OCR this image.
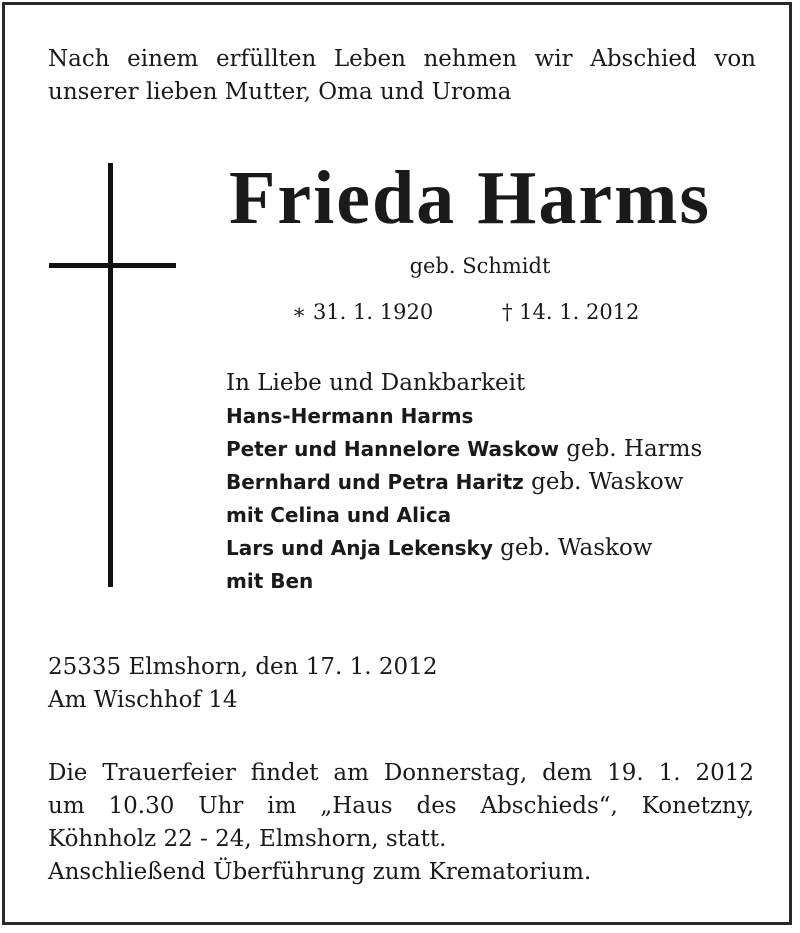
Nach einem erfüllten Leben nehmen wir Abschied von unserer lieben Mutter, Oma und Uroma
Frieda Harms
geb. Schmidt
∗ 31. 1. 1920	† 14. 1. 2012
In Liebe und Dankbarkeit
Hans-Hermann Harms
Peter und Hannelore Waskow geb. Harms
Bernhard und Petra Haritz geb. Waskow
mit Celina und Alica
Lars und Anja Lekensky geb. Waskow
mit Ben
25335 Elmshorn, den 17. 1. 2012
Am Wischhof 14
Die Trauerfeier findet am Donnerstag, dem 19. 1. 2012
um 10.30 Uhr im „Haus des Abschieds“, Konetzny,
Köhnholz 22 - 24, Elmshorn, statt.
Anschließend Überführung zum Krematorium.
